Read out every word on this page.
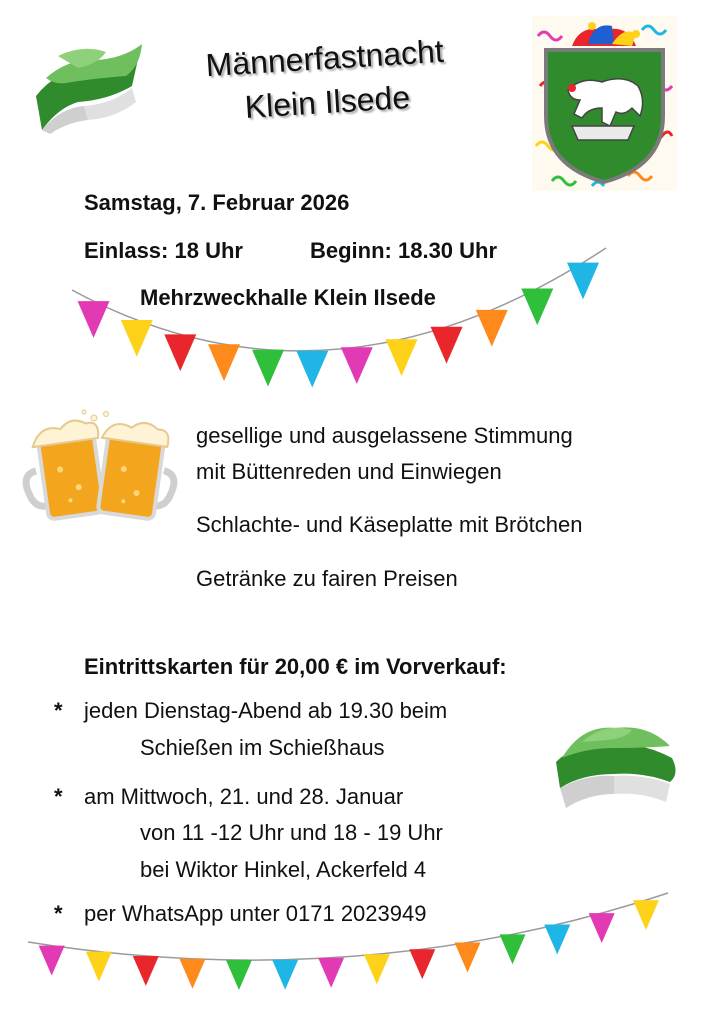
Männerfastnacht
Klein Ilsede
Samstag, 7. Februar 2026
Einlass: 18 Uhr	Beginn: 18.30 Uhr
Mehrzweckhalle Klein Ilsede
gesellige und ausgelassene Stimmung
mit Büttenreden und Einwiegen
Schlachte- und Käseplatte mit Brötchen
Getränke zu fairen Preisen
Eintrittskarten für 20,00 € im Vorverkauf:
* jeden Dienstag-Abend ab 19.30 beim
Schießen im Schießhaus
* am Mittwoch, 21. und 28. Januar
von 11 -12 Uhr und 18 - 19 Uhr
bei Wiktor Hinkel, Ackerfeld 4
* per WhatsApp unter 0171 2023949
